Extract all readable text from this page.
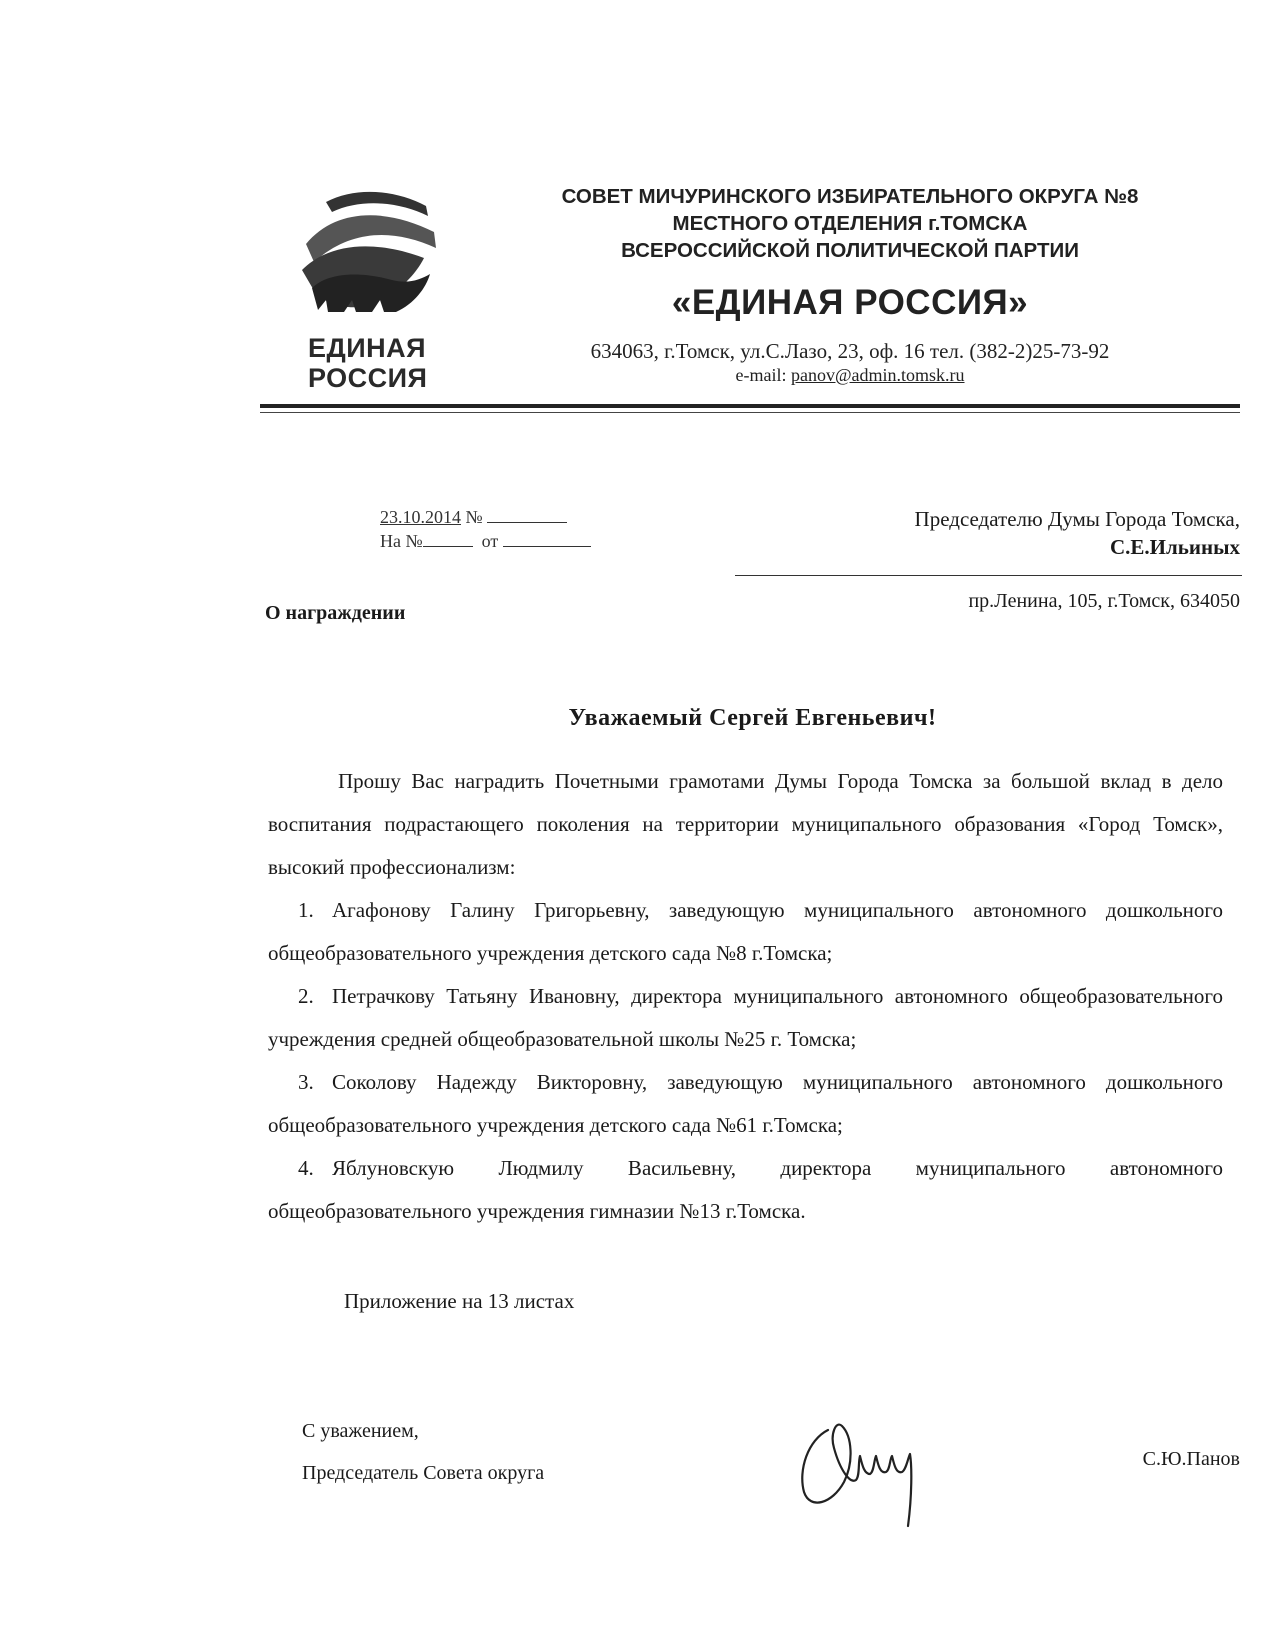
ЕДИНАЯ
РОССИЯ
СОВЕТ МИЧУРИНСКОГО ИЗБИРАТЕЛЬНОГО ОКРУГА №8
МЕСТНОГО ОТДЕЛЕНИЯ г.ТОМСКА
ВСЕРОССИЙСКОЙ ПОЛИТИЧЕСКОЙ ПАРТИИ
«ЕДИНАЯ РОССИЯ»
634063, г.Томск, ул.С.Лазо, 23, оф. 16 тел. (382-2)25-73-92
e-mail: panov@admin.tomsk.ru
23.10.2014 №
На №	от
Председателю Думы Города Томска,
С.Е.Ильиных
пр.Ленина, 105, г.Томск, 634050
О награждении
Уважаемый Сергей Евгеньевич!

Прошу Вас наградить Почетными грамотами Думы Города Томска за большой вклад в дело воспитания подрастающего поколения на территории муниципального образования «Город Томск», высокий профессионализм:

1. Агафонову Галину Григорьевну, заведующую муниципального автономного дошкольного общеобразовательного учреждения детского сада №8 г.Томска;
2. Петрачкову Татьяну Ивановну, директора муниципального автономного общеобразовательного учреждения средней общеобразовательной школы №25 г. Томска;
3. Соколову Надежду Викторовну, заведующую муниципального автономного дошкольного общеобразовательного учреждения детского сада №61 г.Томска;
4. Яблуновскую Людмилу Васильевну, директора муниципального автономного общеобразовательного учреждения гимназии №13 г.Томска.
Приложение на 13 листах
С уважением,
Председатель Совета округа
С.Ю.Панов
